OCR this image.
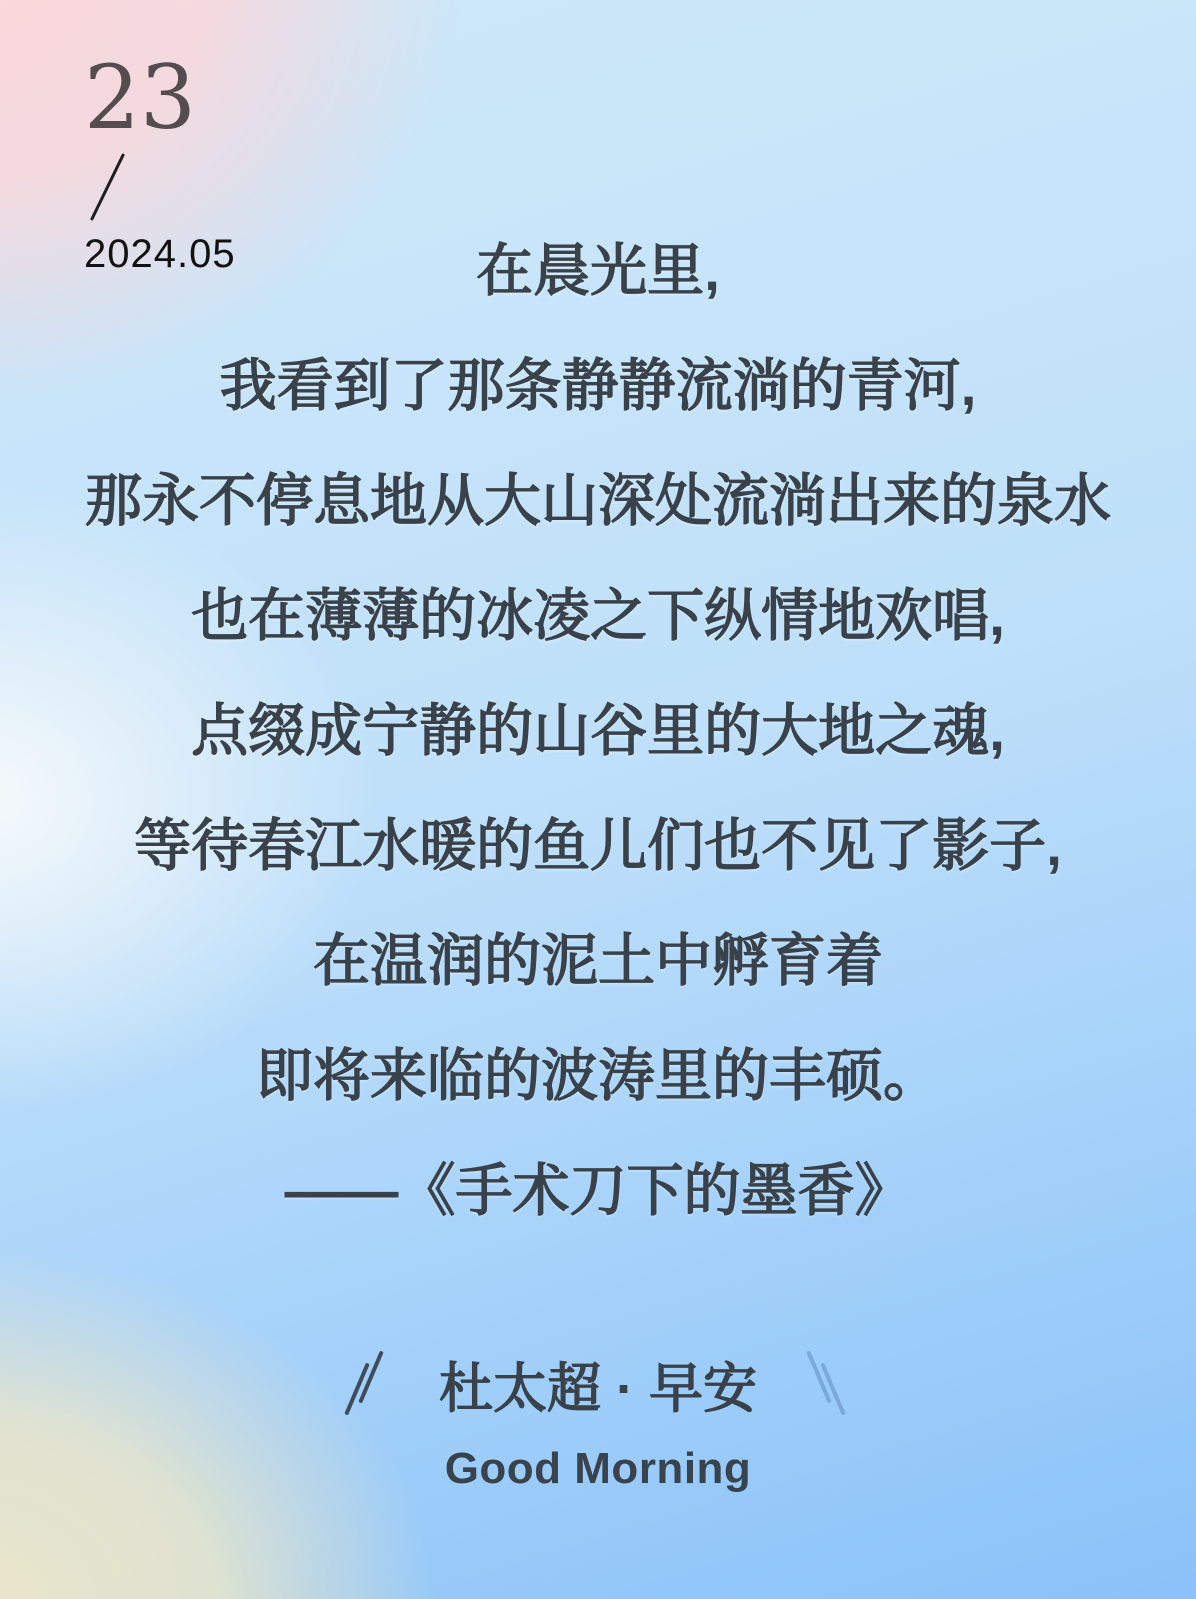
23
2024.05	在晨光里,
我看到了那条静静流淌的青河,
那永不停息地从大山深处流淌出来的泉水
也在薄薄的冰凌之下纵情地欢唱,
点缀成宁静的山谷里的大地之魂,
等待春江水暖的鱼儿们也不见了影子,
在温润的泥土中孵育着
即将来临的波涛里的丰硕。
——《手术刀下的墨香》
杜太超 · 早安
Good Morning
